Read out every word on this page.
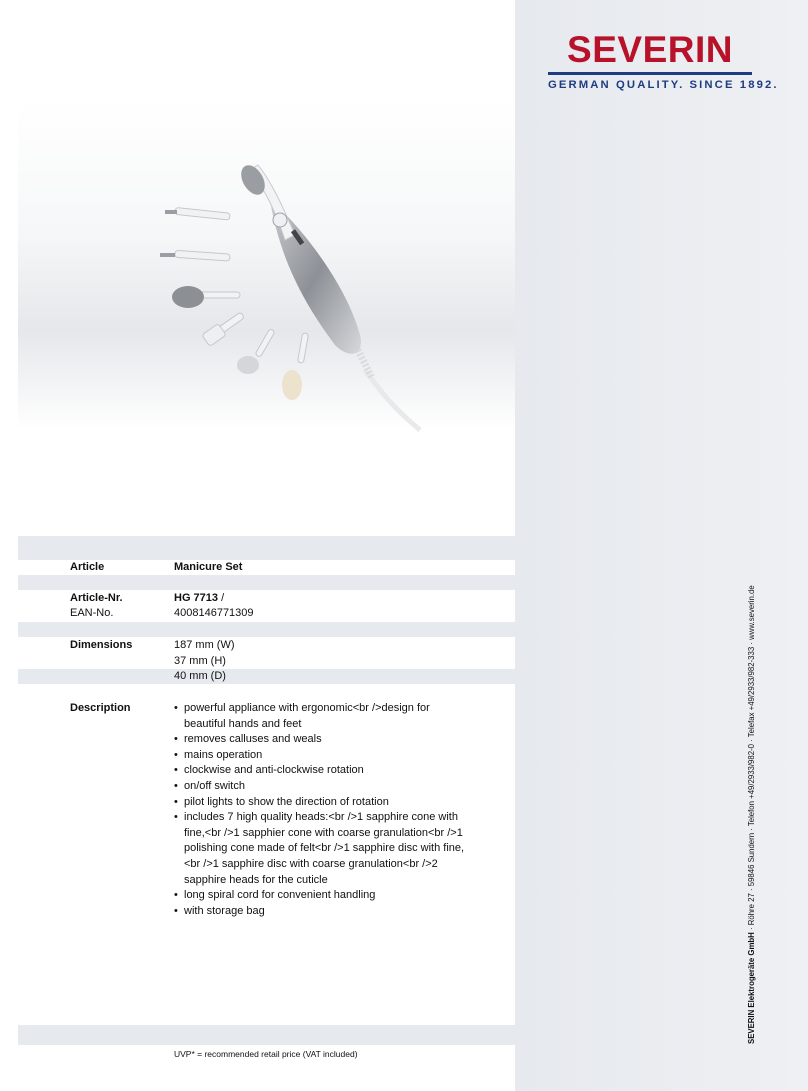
SEVERIN
GERMAN QUALITY. SINCE 1892.
Article	Manicure Set
Article-Nr.	HG 7713 /
EAN-No.	4008146771309
Dimensions	187 mm (W)
37 mm (H)
40 mm (D)
Description
•	powerful appliance with ergonomic<br />design for beautiful hands and feet
• removes calluses and weals
• mains operation
• clockwise and anti-clockwise rotation
• on/off switch
• pilot lights to show the direction of rotation
• includes 7 high quality heads:<br />1 sapphire cone with fine,<br />1 sapphier cone with coarse granulation<br />1 polishing cone made of felt<br />1 sapphire disc with fine,<br />1 sapphire disc with coarse granulation<br />2 sapphire heads for the cuticle
• long spiral cord for convenient handling
• with storage bag
UVP* = recommended retail price (VAT included)
SEVERIN Elektrogeräte GmbH · Röhre 27 · 59846 Sundern · Telefon +49/2933/982-0 · Telefax +49/2933/982-333 · www.severin.de
